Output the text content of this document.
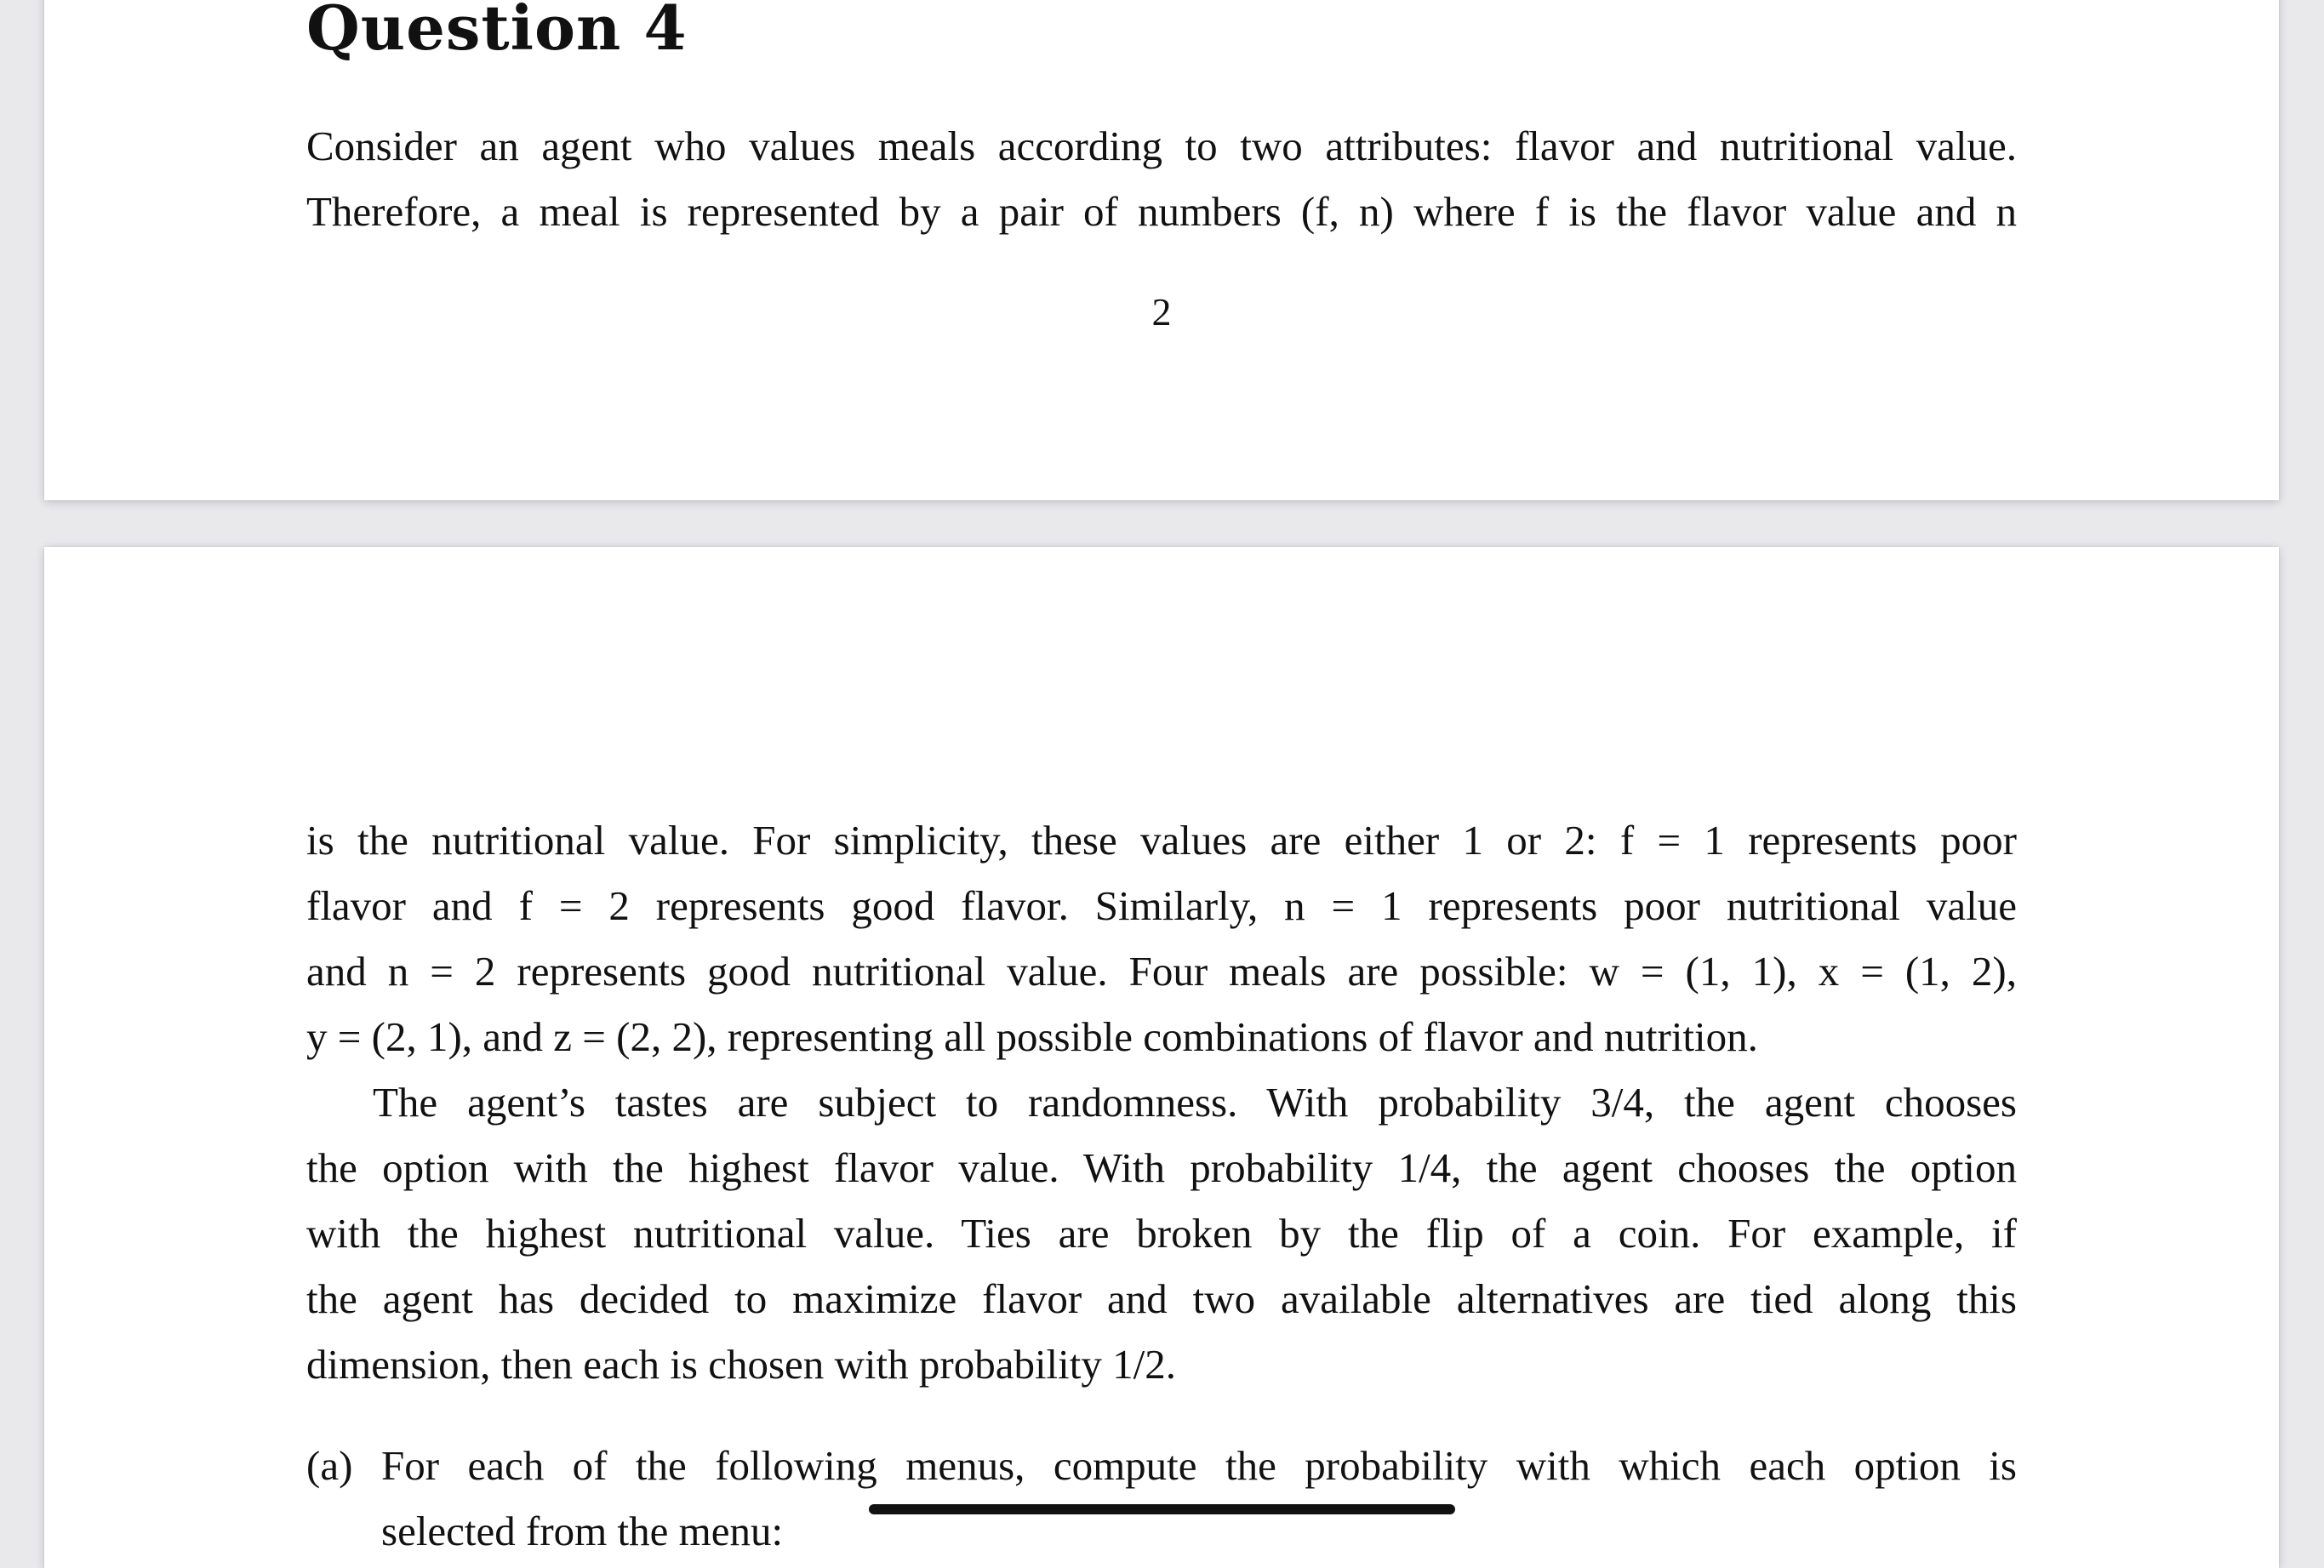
Question 4

Consider an agent who values meals according to two attributes: flavor and nutritional value.

Therefore, a meal is represented by a pair of numbers (f, n) where f is the flavor value and n

2

is the nutritional value. For simplicity, these values are either 1 or 2: f = 1 represents poor

flavor and f = 2 represents good flavor. Similarly, n = 1 represents poor nutritional value

and n = 2 represents good nutritional value. Four meals are possible: w = (1, 1), x = (1, 2),

y = (2, 1), and z = (2, 2), representing all possible combinations of flavor and nutrition.

The agent’s tastes are subject to randomness. With probability 3/4, the agent chooses

the option with the highest flavor value. With probability 1/4, the agent chooses the option

with the highest nutritional value. Ties are broken by the flip of a coin. For example, if

the agent has decided to maximize flavor and two available alternatives are tied along this

dimension, then each is chosen with probability 1/2.

(a) For each of the following menus, compute the probability with which each option is

selected from the menu:
